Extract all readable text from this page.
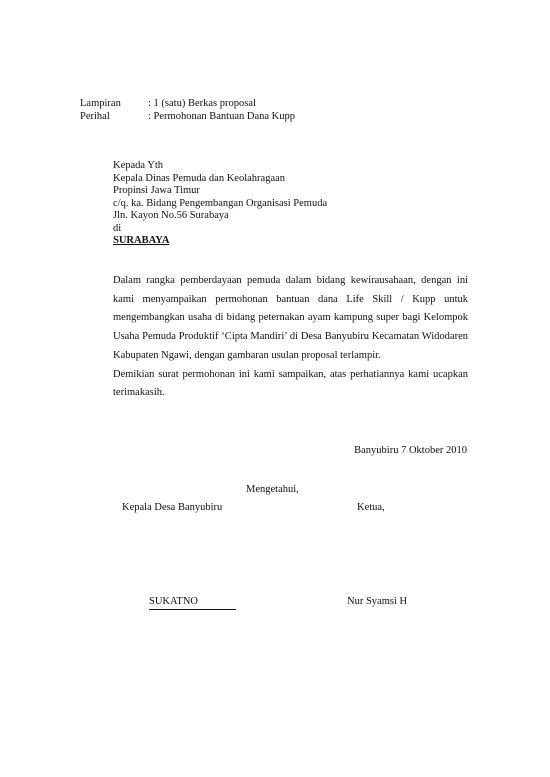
Lampiran	: 1 (satu) Berkas proposal
Perihal	: Permohonan Bantuan Dana Kupp
Kepada Yth
Kepala Dinas Pemuda dan Keolahragaan
Propinsi Jawa Timur
c/q. ka. Bidang Pengembangan Organisasi Pemuda
Jln. Kayon No.56 Surabaya
di
SURABAYA

Dalam rangka pemberdayaan pemuda dalam bidang kewirausahaan, dengan ini kami menyampaikan permohonan bantuan dana Life Skill / Kupp untuk mengembangkan usaha di bidang peternakan ayam kampung super bagi Kelompok Usaha Pemuda Produktif ‘Cipta Mandiri’ di Desa Banyubiru Kecamatan Widodaren Kabupaten Ngawi, dengan gambaran usulan proposal terlampir.

Demikian surat permohonan ini kami sampaikan, atas perhatiannya kami ucapkan terimakasih.

Banyubiru 7 Oktober 2010
Mengetahui,
Kepala Desa Banyubiru	Ketua,
SUKATNO	Nur Syamsi H
